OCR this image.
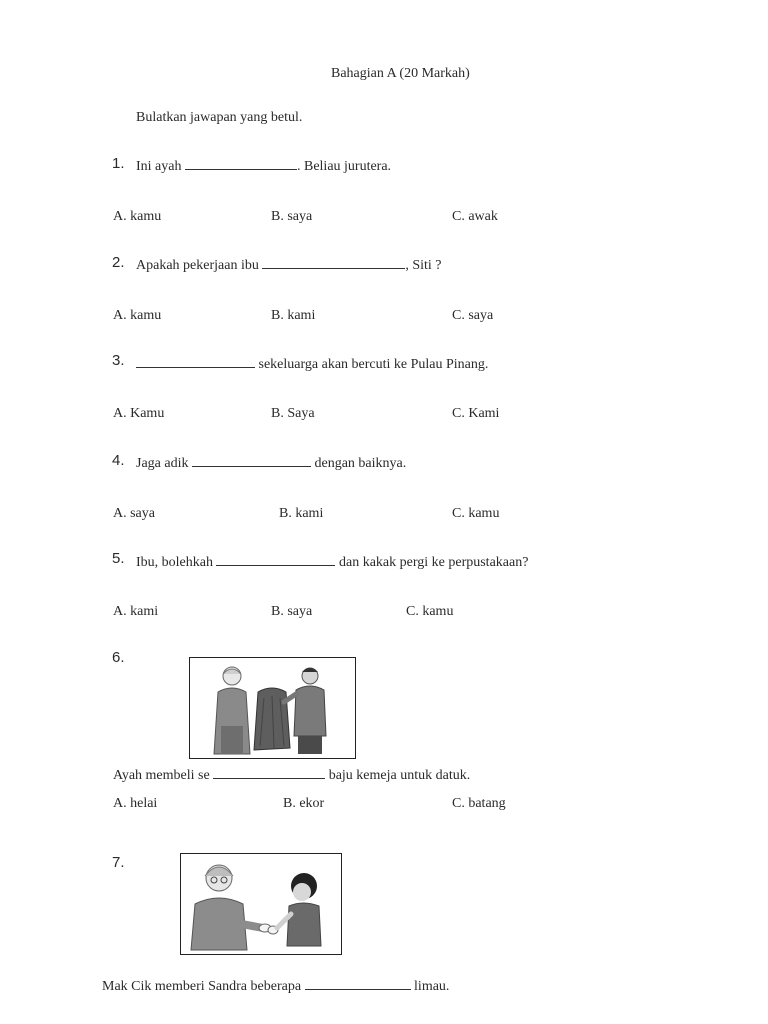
Bahagian A (20 Markah)
Bulatkan jawapan yang betul.
1. Ini ayah	. Beliau jurutera.
A. kamu	B. saya	C. awak
2. Apakah pekerjaan ibu	, Siti ?
A. kamu	B. kami	C. saya
3.	sekeluarga akan bercuti ke Pulau Pinang.
A. Kamu	B. Saya	C. Kami
4. Jaga adik	dengan baiknya.
A. saya	B. kami	C. kamu
5. Ibu, bolehkah	dan kakak pergi ke perpustakaan?
A. kami	B. saya	C. kamu
6.
Ayah membeli se	baju kemeja untuk datuk.
A. helai	B. ekor	C. batang
7.
Mak Cik memberi Sandra beberapa	limau.
